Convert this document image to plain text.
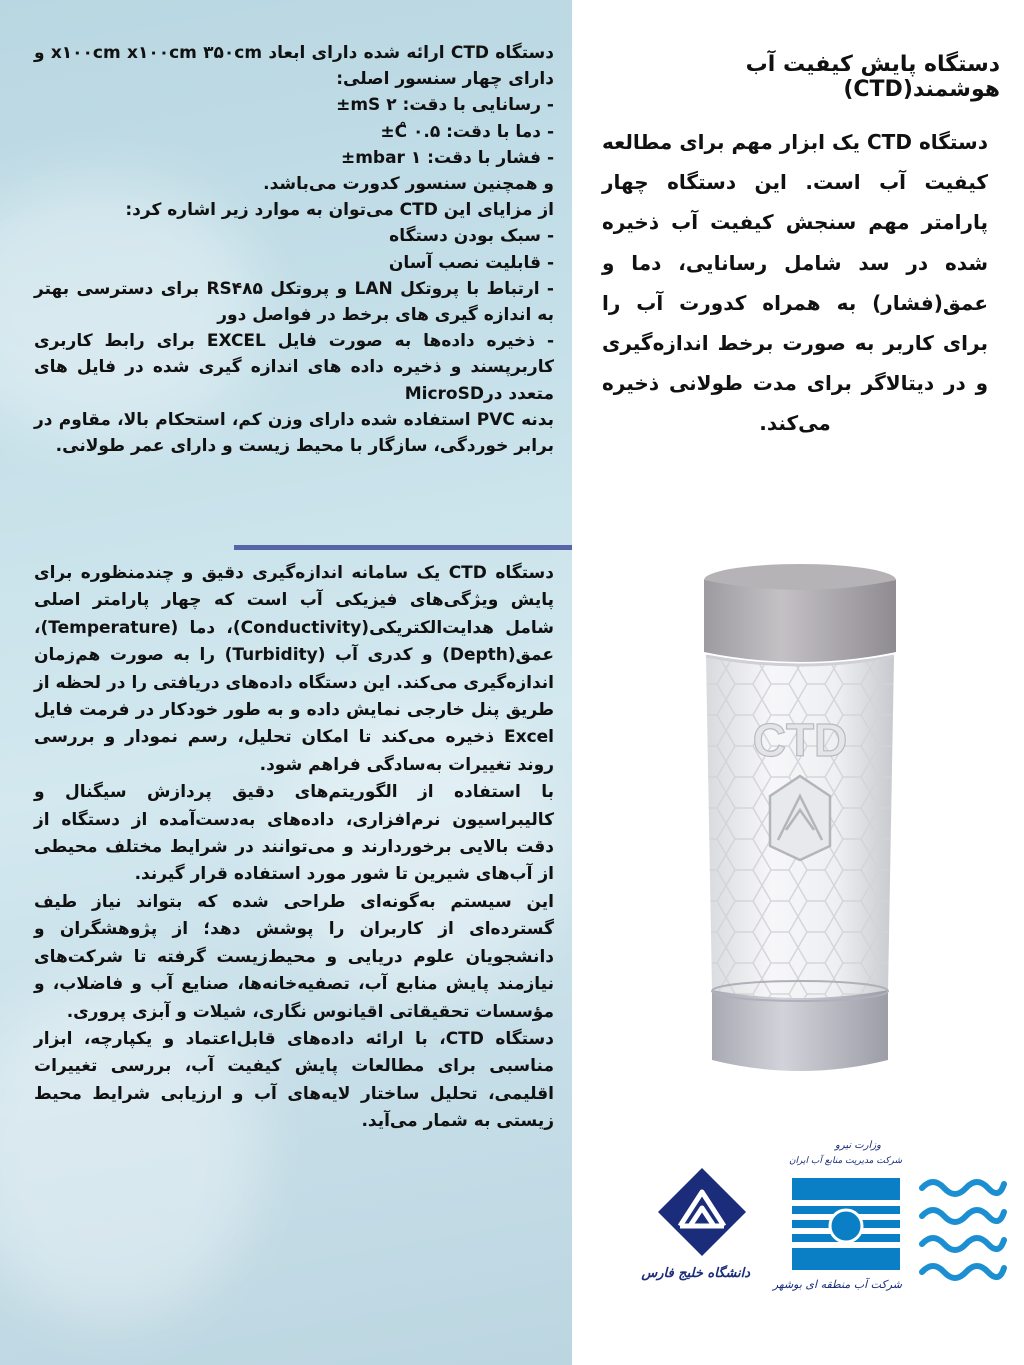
دستگاه CTD ارائه شده دارای ابعاد x۱۰۰cm x۱۰۰cm ۳۵۰cm و دارای چهار سنسور اصلی:

- رسانایی با دقت: ۲ mS±

- دما با دقت: ۰.۵ ̊C±

- فشار با دقت: ۱ mbar±

و همچنین سنسور کدورت می‌باشد.

از مزایای این CTD می‌توان به موارد زیر اشاره کرد:

- سبک بودن دستگاه

- قابلیت نصب آسان

- ارتباط با پروتکل LAN و پروتکل RS۴۸۵ برای دسترسی بهتر به اندازه گیری های برخط در فواصل دور

- ذخیره داده‌ها به صورت فایل EXCEL برای رابط کاربری کاربرپسند و ذخیره داده های اندازه گیری شده در فایل های متعدد درMicroSD

بدنه PVC استفاده شده دارای وزن کم، استحکام بالا، مقاوم در برابر خوردگی، سازگار با محیط زیست و دارای عمر طولانی.

دستگاه CTD یک سامانه اندازه‌گیری دقیق و چندمنظوره برای پایش ویژگی‌های فیزیکی آب است که چهار پارامتر اصلی شامل هدایت‌الکتریکی(Conductivity)، دما (Temperature)، عمق(Depth) و کدری آب (Turbidity) را به صورت هم‌زمان اندازه‌گیری می‌کند. این دستگاه داده‌های دریافتی را در لحظه از طریق پنل خارجی نمایش داده و به طور خودکار در فرمت فایل Excel ذخیره می‌کند تا امکان تحلیل، رسم نمودار و بررسی روند تغییرات به‌سادگی فراهم شود.

با استفاده از الگوریتم‌های دقیق پردازش سیگنال و کالیبراسیون نرم‌افزاری، داده‌های به‌دست‌آمده از دستگاه از دقت بالایی برخوردارند و می‌توانند در شرایط مختلف محیطی از آب‌های شیرین تا شور مورد استفاده قرار گیرند.

این سیستم به‌گونه‌ای طراحی شده که بتواند نیاز طیف گسترده‌ای از کاربران را پوشش دهد؛ از پژوهشگران و دانشجویان علوم دریایی و محیط‌زیست گرفته تا شرکت‌های نیازمند پایش منابع آب، تصفیه‌خانه‌ها، صنایع آب و فاضلاب، و مؤسسات تحقیقاتی اقیانوس نگاری، شیلات و آبزی پروری.

دستگاه CTD، با ارائه داده‌های قابل‌اعتماد و یکپارچه، ابزار مناسبی برای مطالعات پایش کیفیت آب، بررسی تغییرات اقلیمی، تحلیل ساختار لایه‌های آب و ارزیابی شرایط محیط زیستی به شمار می‌آید.

دستگاه پایش کیفیت آب هوشمند(CTD)

دستگاه CTD یک ابزار مهم برای مطالعه کیفیت آب است. این دستگاه چهار پارامتر مهم سنجش کیفیت آب ذخیره شده در سد شامل رسانایی، دما و عمق(فشار) به همراه کدورت آب را برای کاربر به صورت برخط اندازه‌گیری و در دیتالاگر برای مدت طولانی ذخیره می‌کند.

CTD
وزارت نیرو
شرکت مدیریت منابع آب ایران
شرکت آب منطقه ای بوشهر
دانشگاه خلیج فارس
